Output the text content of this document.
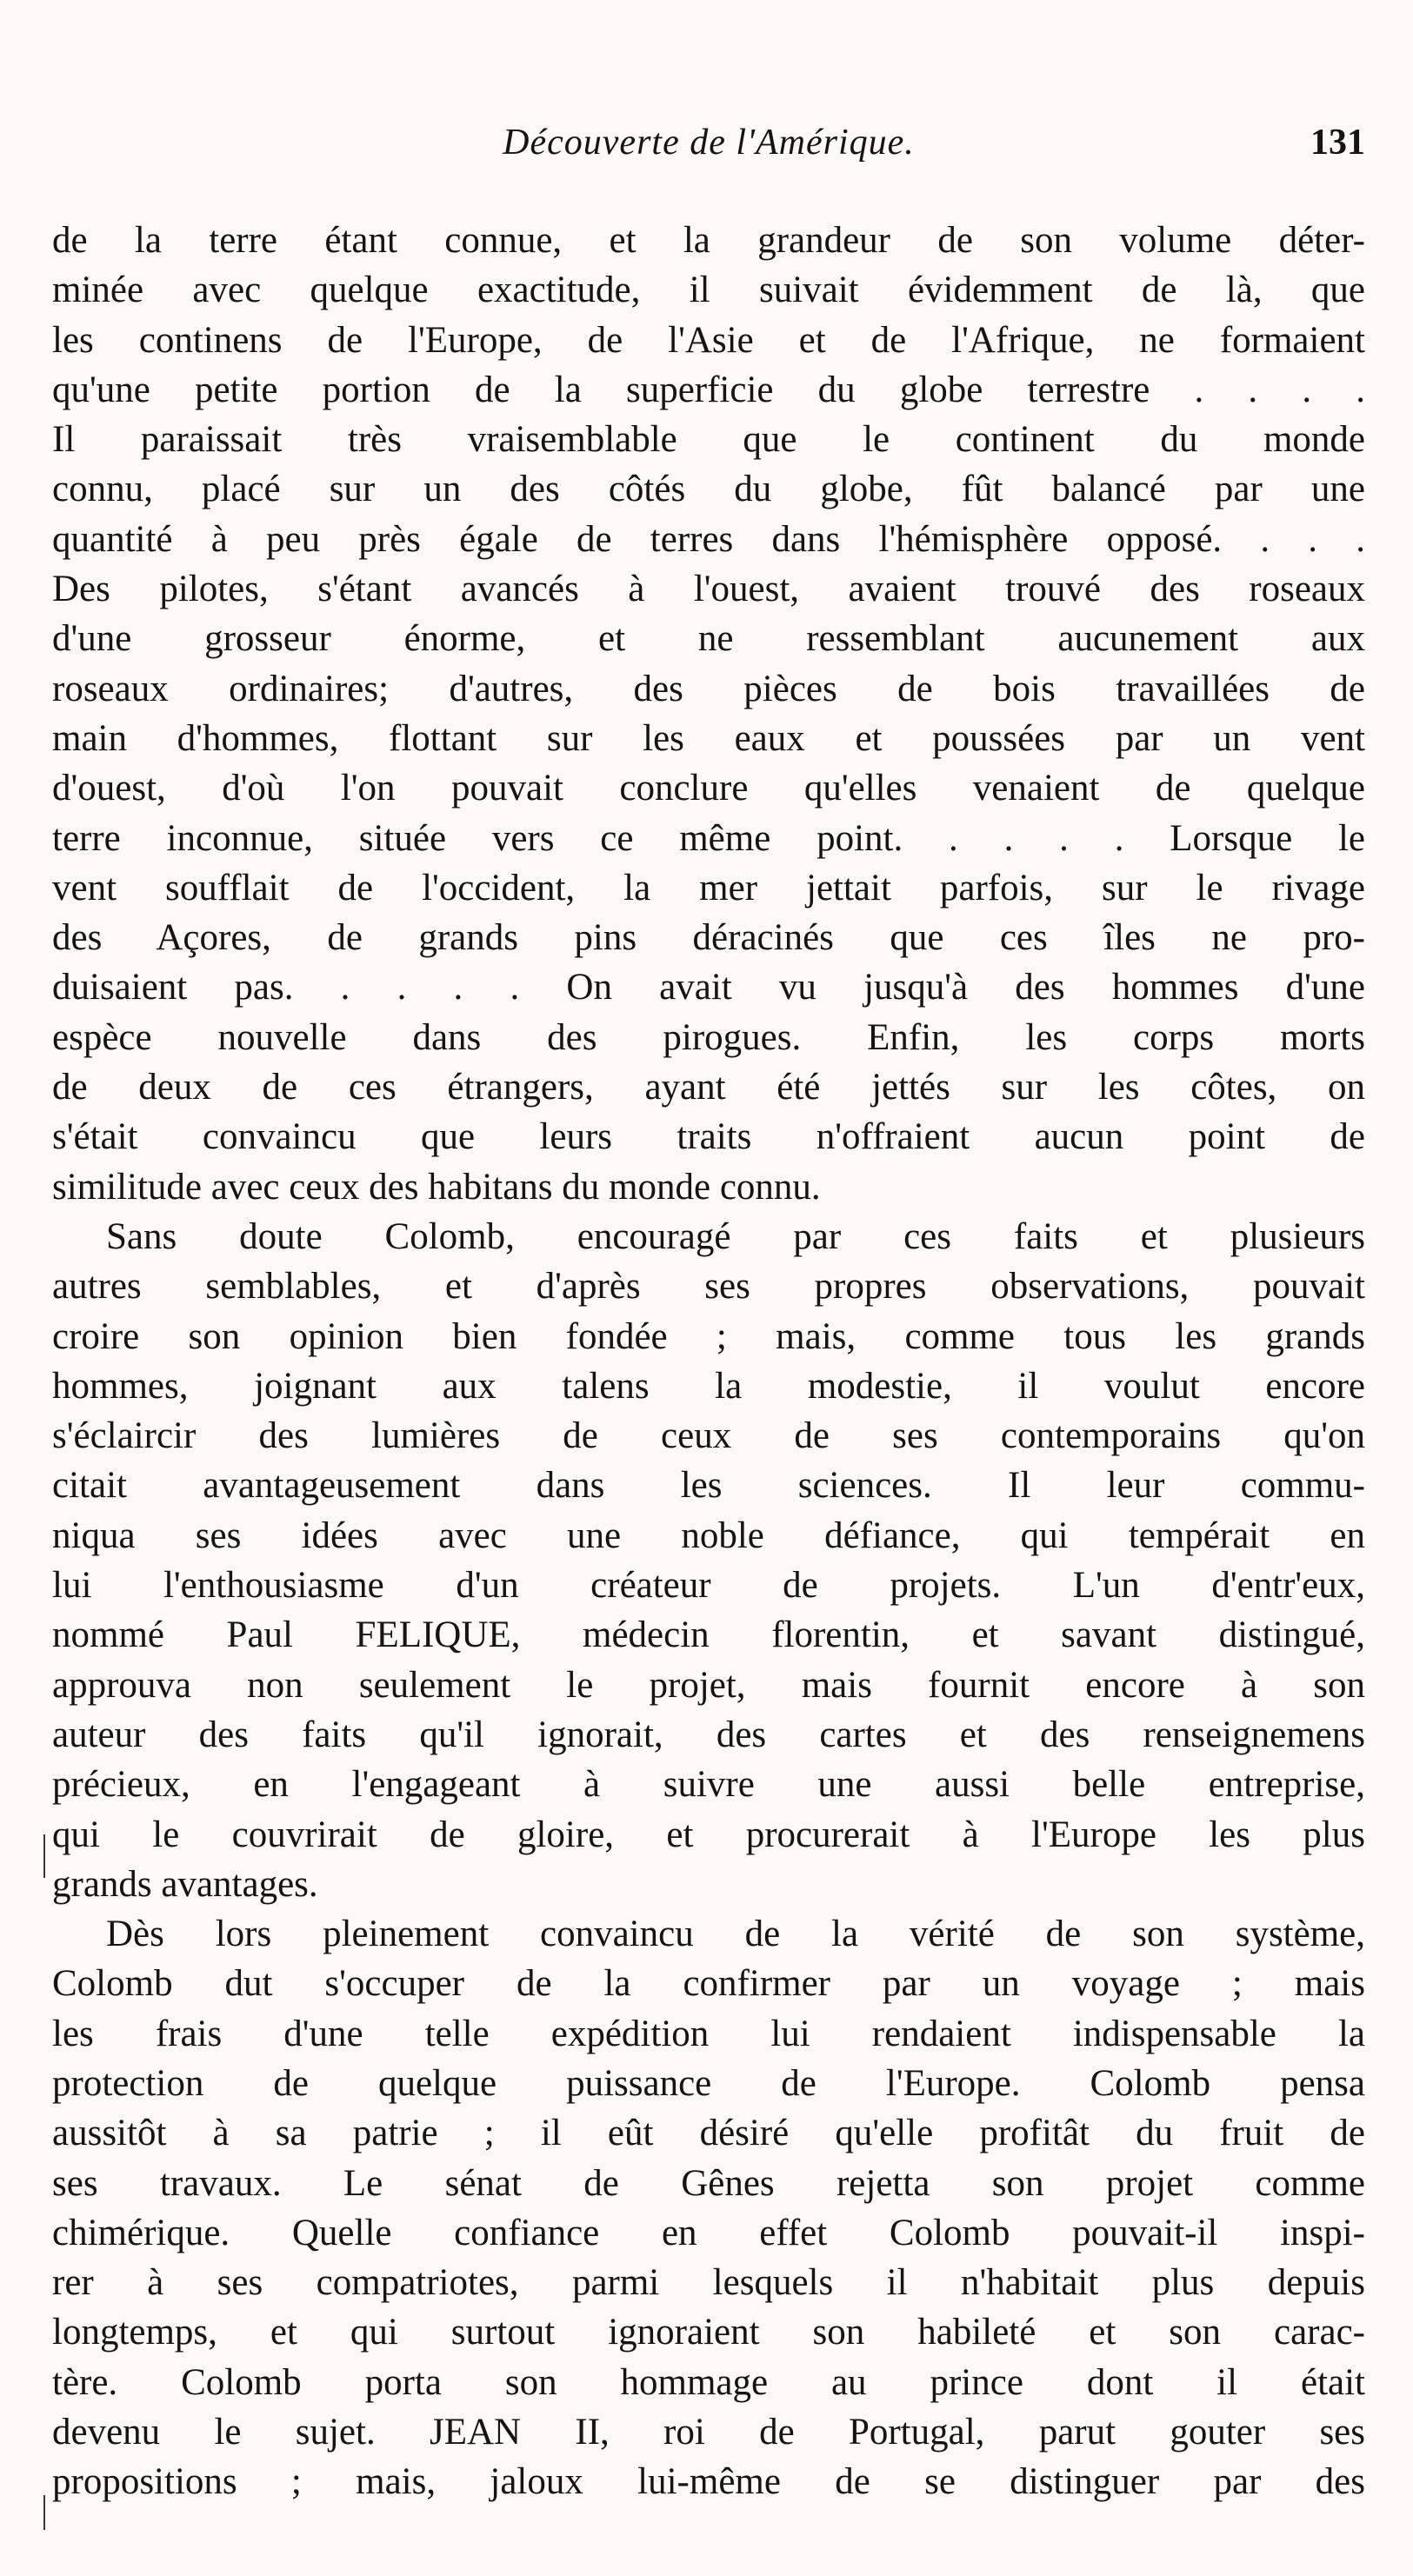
Découverte de l'Amérique.	131
de la terre étant connue, et la grandeur de son volume déter-
minée avec quelque exactitude, il suivait évidemment de là, que
les continens de l'Europe, de l'Asie et de l'Afrique, ne formaient
qu'une petite portion de la superficie du globe terrestre . . . .
Il paraissait très vraisemblable que le continent du monde
connu, placé sur un des côtés du globe, fût balancé par une
quantité à peu près égale de terres dans l'hémisphère opposé. . . .
Des pilotes, s'étant avancés à l'ouest, avaient trouvé des roseaux
d'une grosseur énorme, et ne ressemblant aucunement aux
roseaux ordinaires; d'autres, des pièces de bois travaillées de
main d'hommes, flottant sur les eaux et poussées par un vent
d'ouest, d'où l'on pouvait conclure qu'elles venaient de quelque
terre inconnue, située vers ce même point. . . . . Lorsque le
vent soufflait de l'occident, la mer jettait parfois, sur le rivage
des Açores, de grands pins déracinés que ces îles ne pro-
duisaient pas. . . . . On avait vu jusqu'à des hommes d'une
espèce nouvelle dans des pirogues. Enfin, les corps morts
de deux de ces étrangers, ayant été jettés sur les côtes, on
s'était convaincu que leurs traits n'offraient aucun point de
similitude avec ceux des habitans du monde connu.
Sans doute Colomb, encouragé par ces faits et plusieurs
autres semblables, et d'après ses propres observations, pouvait
croire son opinion bien fondée ; mais, comme tous les grands
hommes, joignant aux talens la modestie, il voulut encore
s'éclaircir des lumières de ceux de ses contemporains qu'on
citait avantageusement dans les sciences. Il leur commu-
niqua ses idées avec une noble défiance, qui tempérait en
lui l'enthousiasme d'un créateur de projets. L'un d'entr'eux,
nommé Paul FELIQUE, médecin florentin, et savant distingué,
approuva non seulement le projet, mais fournit encore à son
auteur des faits qu'il ignorait, des cartes et des renseignemens
précieux, en l'engageant à suivre une aussi belle entreprise,
qui le couvrirait de gloire, et procurerait à l'Europe les plus
grands avantages.
Dès lors pleinement convaincu de la vérité de son système,
Colomb dut s'occuper de la confirmer par un voyage ; mais
les frais d'une telle expédition lui rendaient indispensable la
protection de quelque puissance de l'Europe. Colomb pensa
aussitôt à sa patrie ; il eût désiré qu'elle profitât du fruit de
ses travaux. Le sénat de Gênes rejetta son projet comme
chimérique. Quelle confiance en effet Colomb pouvait-il inspi-
rer à ses compatriotes, parmi lesquels il n'habitait plus depuis
longtemps, et qui surtout ignoraient son habileté et son carac-
tère. Colomb porta son hommage au prince dont il était
devenu le sujet. JEAN II, roi de Portugal, parut gouter ses
propositions ; mais, jaloux lui-même de se distinguer par des
